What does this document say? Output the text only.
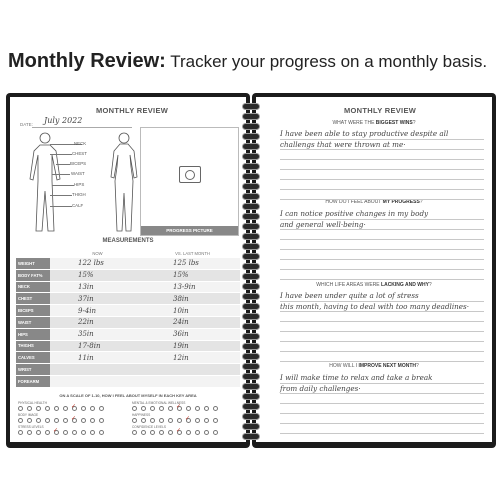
Monthly Review: Tracker your progress on a monthly basis.
MONTHLY REVIEW
DATE: July 2022
NECK
CHEST
BICEPS
WAIST
HIPS
THIGH
CALF
PROGRESS PICTURE
MEASUREMENTS
	NOW	VS. LAST MONTH
WEIGHT	122 lbs	125 lbs
BODY FAT%	15%	15%
NECK	13in	13-9in
CHEST	37in	38in
BICEPS	9-4in	10in
WAIST	22in	24in
HIPS	35in	36in
THIGHS	17-8in	19in
CALVES	11in	12in
WRIST		
FOREARM		
ON A SCALE OF 1-10, HOW I FEEL ABOUT MYSELF IN EACH KEY AREA
PHYSICAL HEALTH
✓
MENTAL & EMOTIONAL WELLNESS
✓
BODY IMAGE
✓
HAPPINESS
✓
STRESS LEVELS
✓
CONFIDENCE LEVELS
✓
MONTHLY REVIEW
WHAT WERE THE BIGGEST WINS?
I have been able to stay productive despite all
challengs that were thrown at me·
HOW DO I FEEL ABOUT MY PROGRESS?
I can notice positive changes in my body
and general well·being·
WHICH LIFE AREAS WERE LACKING AND WHY?
I have been under quite a lot of stress
this month, having to deal with too many deadlines·
HOW WILL I IMPROVE NEXT MONTH?
I will make time to relax and take a break
from daily challenges·
